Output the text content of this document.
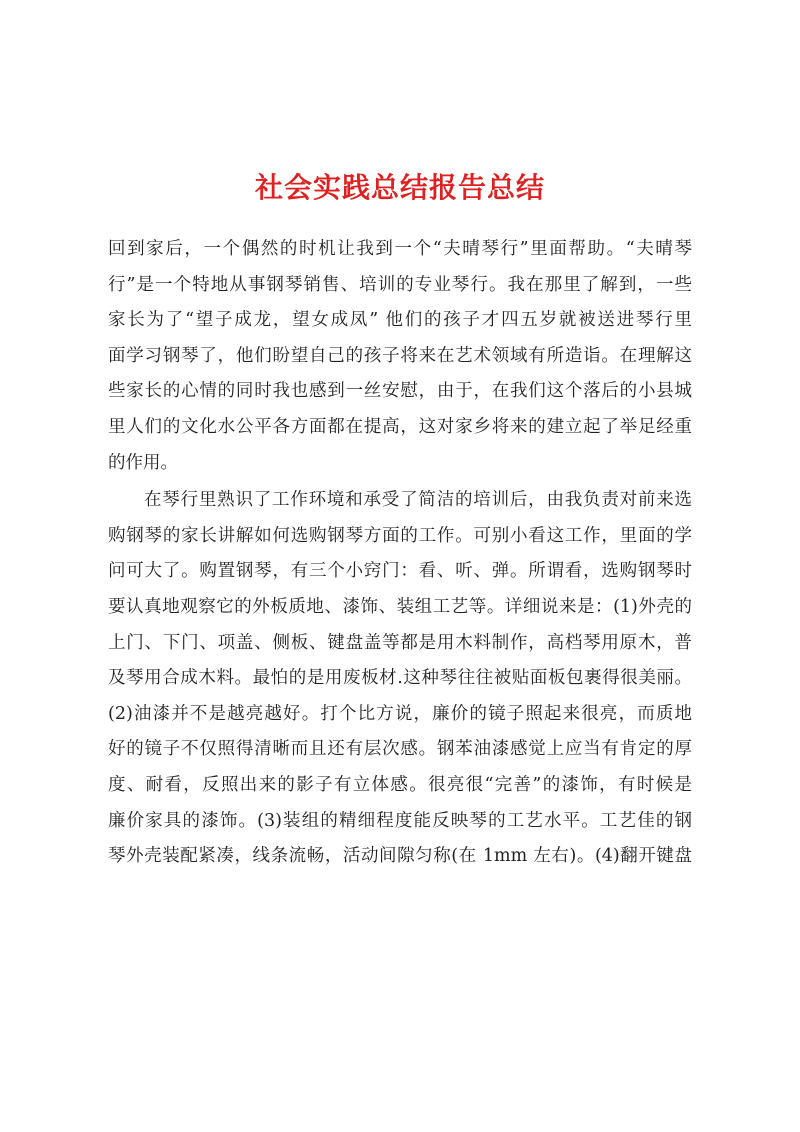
社会实践总结报告总结
回到家后，一个偶然的时机让我到一个“夫晴琴行”里面帮助。“夫晴琴
行”是一个特地从事钢琴销售、培训的专业琴行。我在那里了解到，一些
家长为了“望子成龙，望女成凤” 他们的孩子才四五岁就被送进琴行里
面学习钢琴了，他们盼望自己的孩子将来在艺术领域有所造诣。在理解这
些家长的心情的同时我也感到一丝安慰，由于，在我们这个落后的小县城
里人们的文化水公平各方面都在提高，这对家乡将来的建立起了举足经重
的作用。
在琴行里熟识了工作环境和承受了简洁的培训后，由我负责对前来选
购钢琴的家长讲解如何选购钢琴方面的工作。可别小看这工作，里面的学
问可大了。购置钢琴，有三个小窍门：看、听、弹。所谓看，选购钢琴时
要认真地观察它的外板质地、漆饰、装组工艺等。详细说来是：(1)外壳的
上门、下门、项盖、侧板、键盘盖等都是用木料制作，高档琴用原木，普
及琴用合成木料。最怕的是用废板材.这种琴往往被贴面板包裹得很美丽。
(2)油漆并不是越亮越好。打个比方说，廉价的镜子照起来很亮，而质地
好的镜子不仅照得清晰而且还有层次感。钢苯油漆感觉上应当有肯定的厚
度、耐看，反照出来的影子有立体感。很亮很“完善”的漆饰，有时候是
廉价家具的漆饰。(3)装组的精细程度能反映琴的工艺水平。工艺佳的钢
琴外壳装配紧凑，线条流畅，活动间隙匀称(在 1mm 左右)。(4)翻开键盘
